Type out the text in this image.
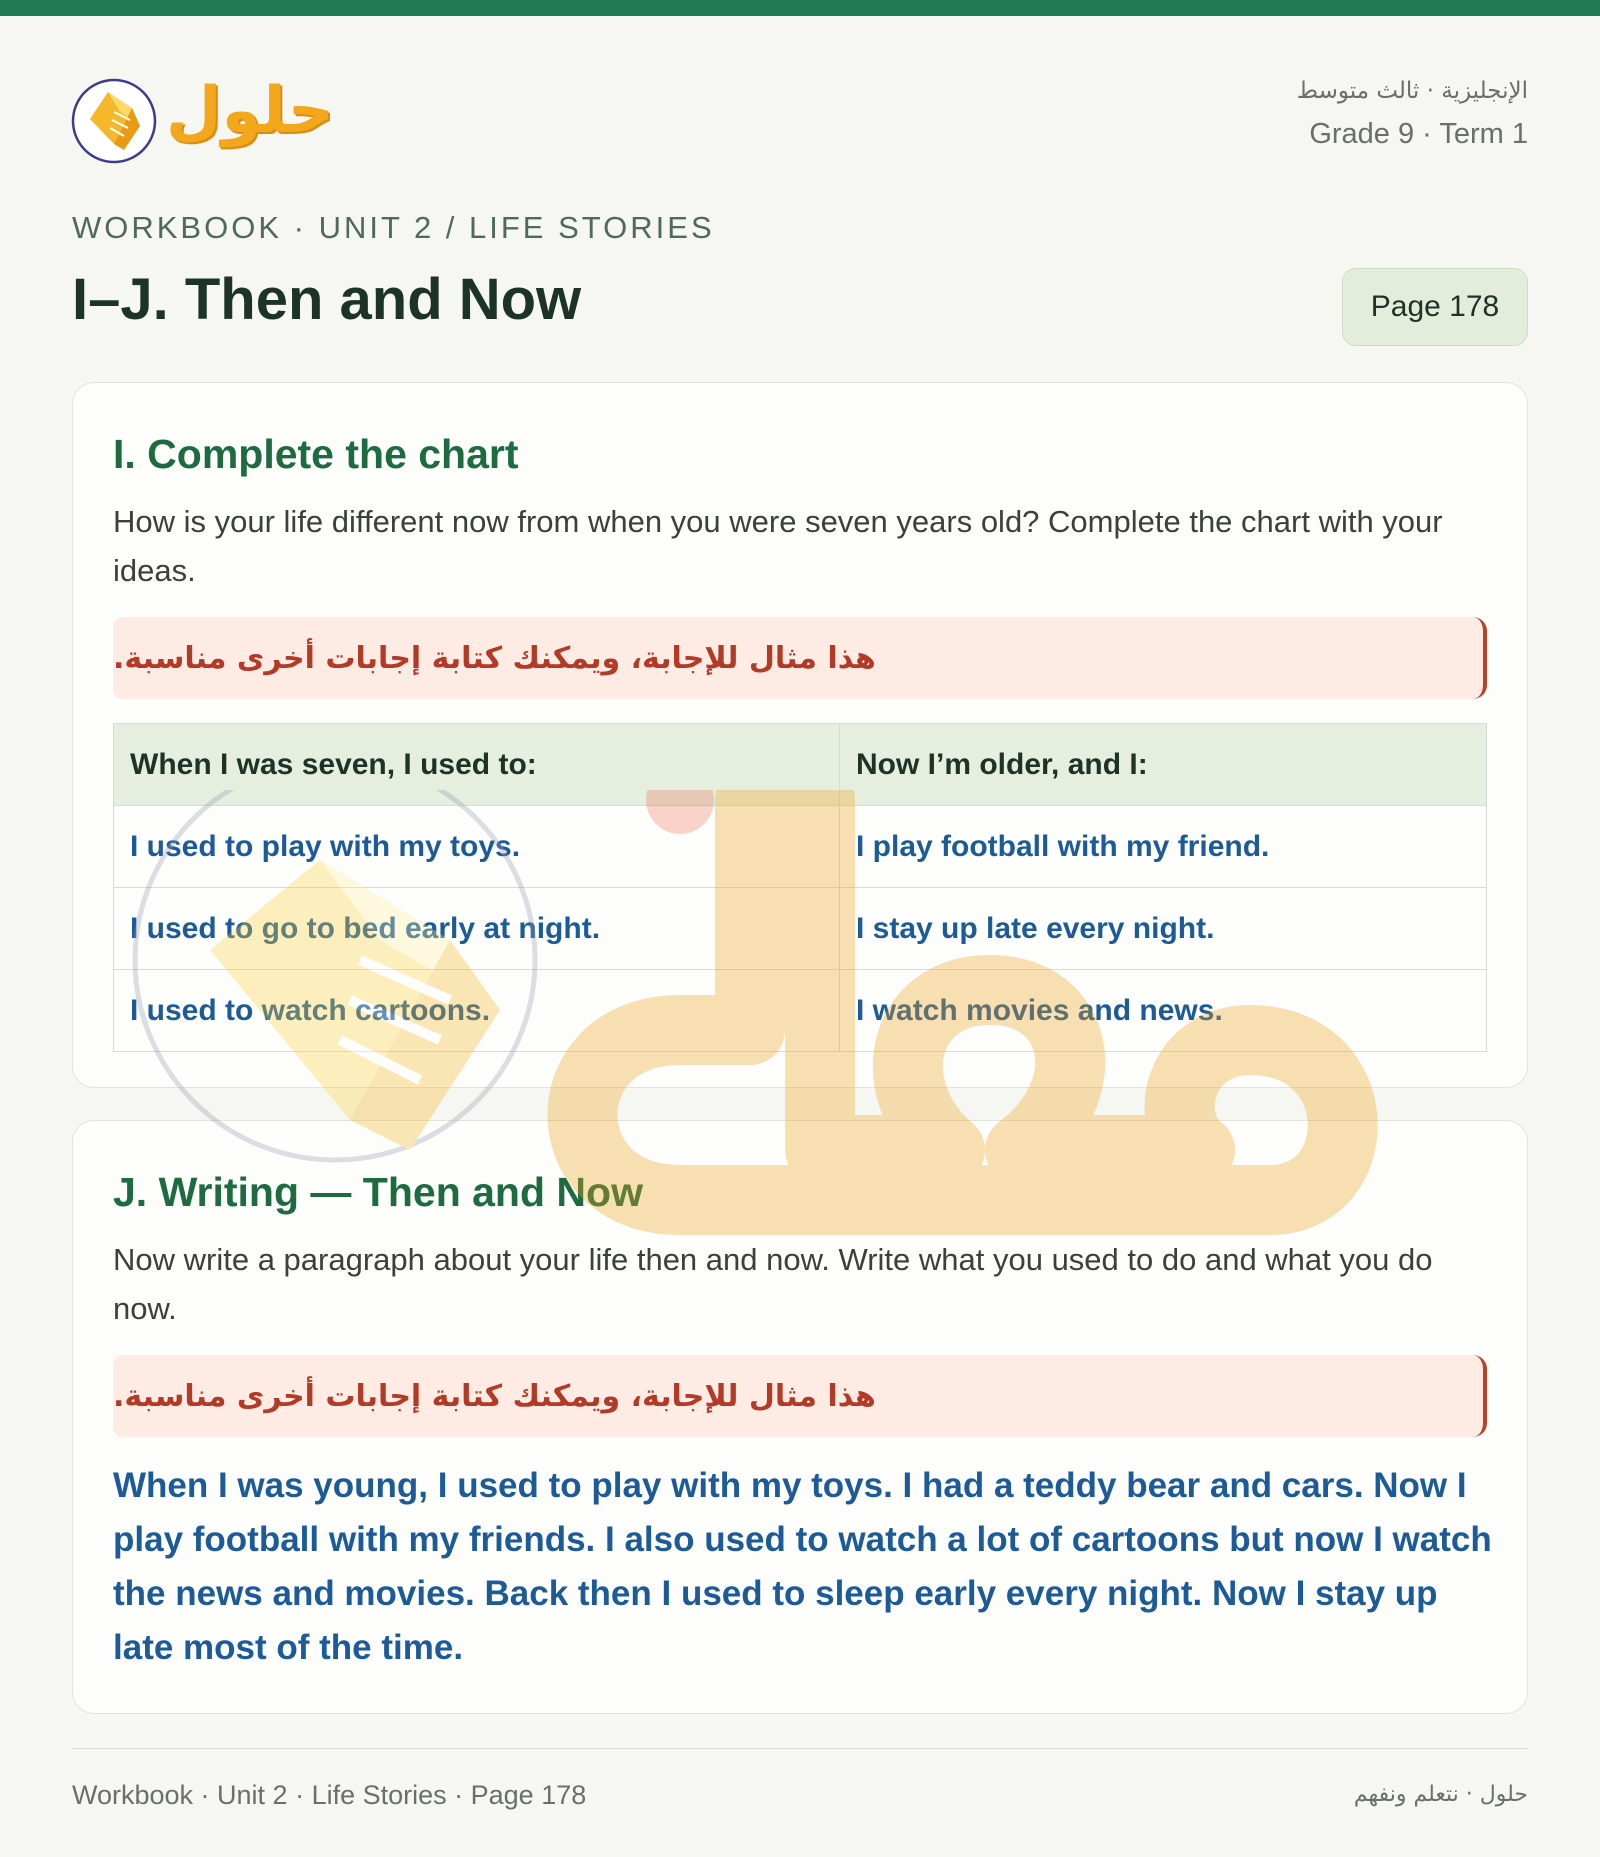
حلول	الإنجليزية · ثالث متوسط
Grade 9 · Term 1
WORKBOOK · UNIT 2 / LIFE STORIES
I–J. Then and Now	Page 178
I. Complete the chart
How is your life different now from when you were seven years old? Complete the chart with your ideas.
هذا مثال للإجابة، ويمكنك كتابة إجابات أخرى مناسبة.
When I was seven, I used to:	Now I’m older, and I:
I used to play with my toys.	I play football with my friend.
I used to go to bed early at night.	I stay up late every night.
I used to watch cartoons.	I watch movies and news.
J. Writing — Then and Now
Now write a paragraph about your life then and now. Write what you used to do and what you do now.
هذا مثال للإجابة، ويمكنك كتابة إجابات أخرى مناسبة.
When I was young, I used to play with my toys. I had a teddy bear and cars. Now I play football with my friends. I also used to watch a lot of cartoons but now I watch the news and movies. Back then I used to sleep early every night. Now I stay up late most of the time.
Workbook · Unit 2 · Life Stories · Page 178	حلول · نتعلم ونفهم
